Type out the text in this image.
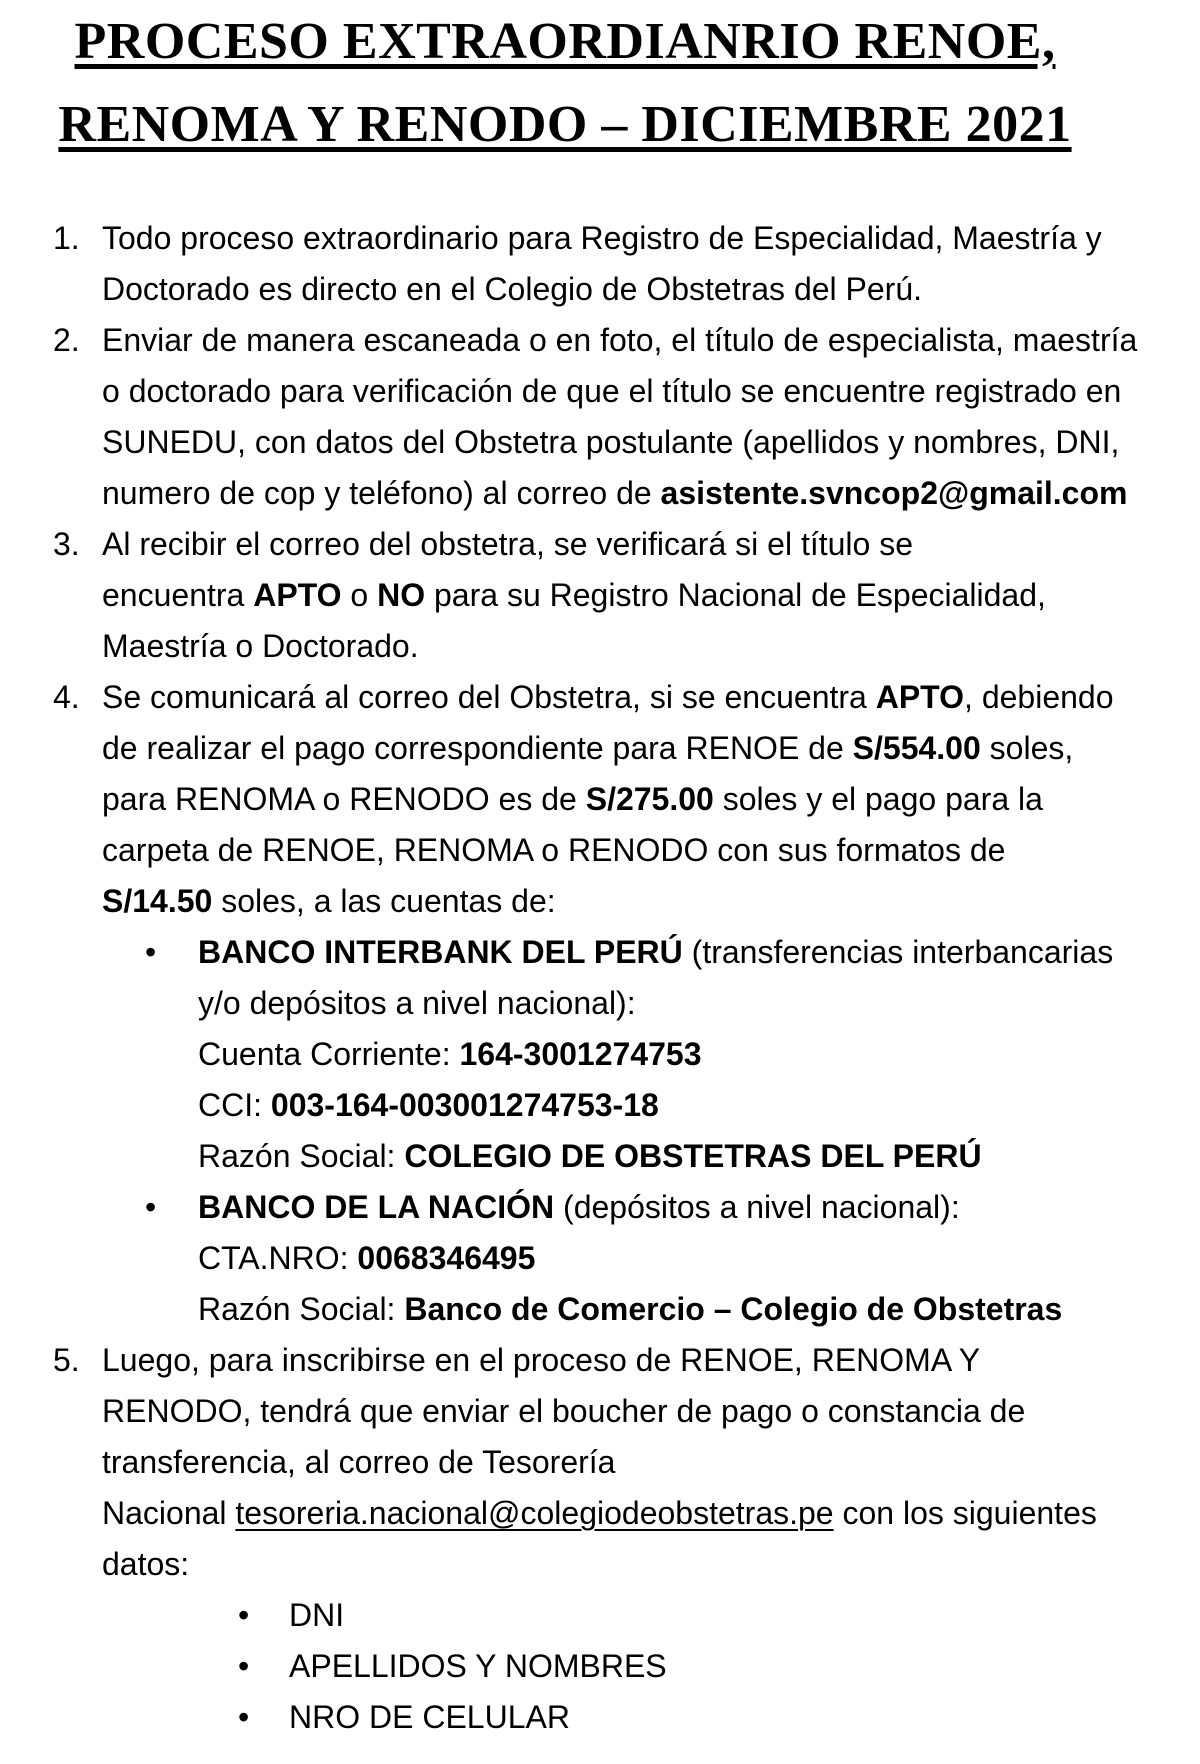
PROCESO EXTRAORDIANRIO RENOE,
RENOMA Y RENODO – DICIEMBRE 2021
1. Todo proceso extraordinario para Registro de Especialidad, Maestría y
Doctorado es directo en el Colegio de Obstetras del Perú.
2. Enviar de manera escaneada o en foto, el título de especialista, maestría
o doctorado para verificación de que el título se encuentre registrado en
SUNEDU, con datos del Obstetra postulante (apellidos y nombres, DNI,
numero de cop y teléfono) al correo de asistente.svncop2@gmail.com
3. Al recibir el correo del obstetra, se verificará si el título se
encuentra APTO o NO para su Registro Nacional de Especialidad,
Maestría o Doctorado.
4. Se comunicará al correo del Obstetra, si se encuentra APTO, debiendo
de realizar el pago correspondiente para RENOE de S/554.00 soles,
para RENOMA o RENODO es de S/275.00 soles y el pago para la
carpeta de RENOE, RENOMA o RENODO con sus formatos de
S/14.50 soles, a las cuentas de:
• BANCO INTERBANK DEL PERÚ (transferencias interbancarias
y/o depósitos a nivel nacional):
Cuenta Corriente: 164-3001274753
CCI: 003-164-003001274753-18
Razón Social: COLEGIO DE OBSTETRAS DEL PERÚ
• BANCO DE LA NACIÓN (depósitos a nivel nacional):
CTA.NRO: 0068346495
Razón Social: Banco de Comercio – Colegio de Obstetras
5. Luego, para inscribirse en el proceso de RENOE, RENOMA Y
RENODO, tendrá que enviar el boucher de pago o constancia de
transferencia, al correo de Tesorería
Nacional tesoreria.nacional@colegiodeobstetras.pe con los siguientes
datos:
• DNI
• APELLIDOS Y NOMBRES
• NRO DE CELULAR
